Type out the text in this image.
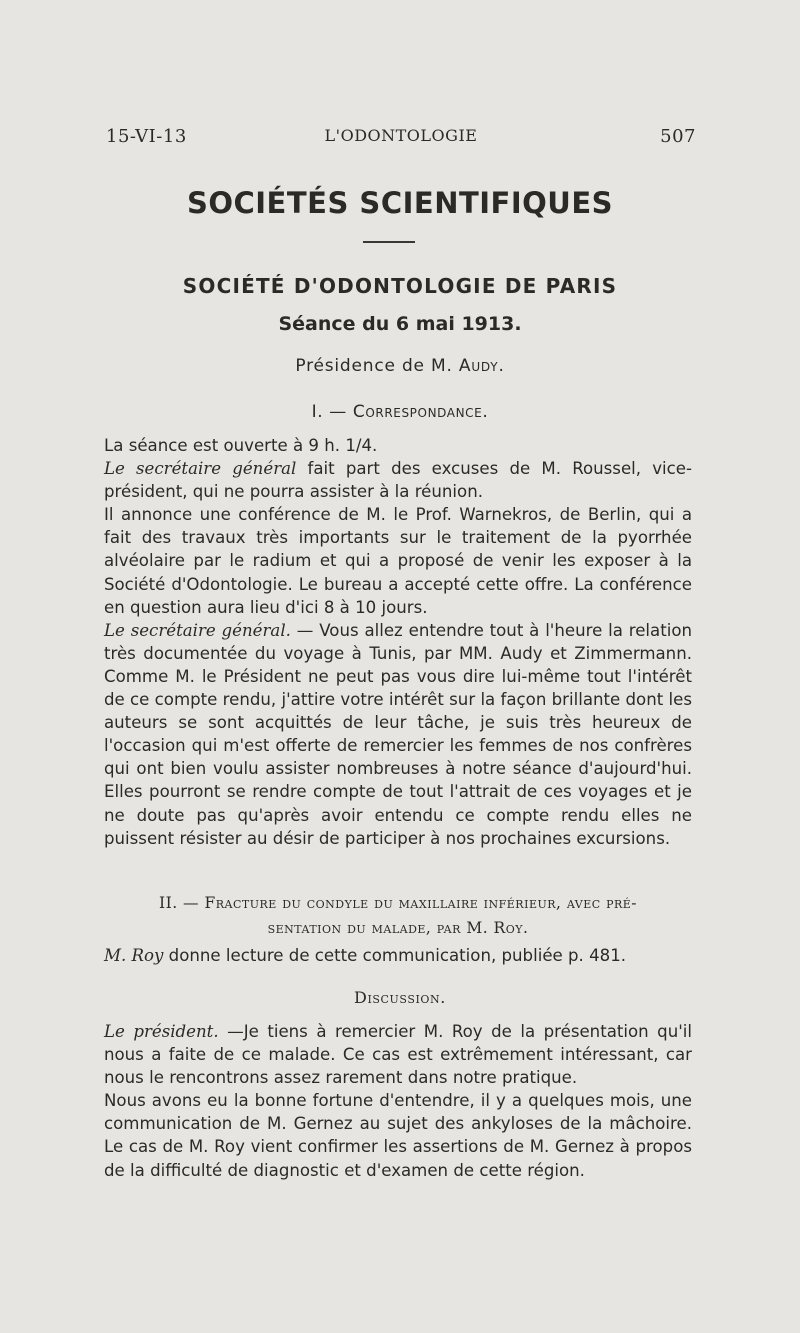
15-VI-13	L'ODONTOLOGIE	507
SOCIÉTÉS SCIENTIFIQUES
SOCIÉTÉ D'ODONTOLOGIE DE PARIS
Séance du 6 mai 1913.
Présidence de M. Audy.
I. — Correspondance.

La séance est ouverte à 9 h. 1/4.

Le secrétaire général fait part des excuses de M. Roussel, vice-président, qui ne pourra assister à la réunion.

Il annonce une conférence de M. le Prof. Warnekros, de Berlin, qui a fait des travaux très importants sur le traitement de la pyorrhée alvéolaire par le radium et qui a proposé de venir les exposer à la Société d'Odontologie. Le bureau a accepté cette offre. La conférence en question aura lieu d'ici 8 à 10 jours.

Le secrétaire général. — Vous allez entendre tout à l'heure la relation très documentée du voyage à Tunis, par MM. Audy et Zimmermann. Comme M. le Président ne peut pas vous dire lui-même tout l'intérêt de ce compte rendu, j'attire votre intérêt sur la façon brillante dont les auteurs se sont acquittés de leur tâche, je suis très heureux de l'occasion qui m'est offerte de remercier les femmes de nos confrères qui ont bien voulu assister nombreuses à notre séance d'aujourd'hui. Elles pourront se rendre compte de tout l'attrait de ces voyages et je ne doute pas qu'après avoir entendu ce compte rendu elles ne puissent résister au désir de participer à nos prochaines excursions.

II. — Fracture du condyle du maxillaire inférieur, avec pré-
sentation du malade, par M. Roy.

M. Roy donne lecture de cette communication, publiée p. 481.

Discussion.

Le président. —Je tiens à remercier M. Roy de la présentation qu'il nous a faite de ce malade. Ce cas est extrêmement intéressant, car nous le rencontrons assez rarement dans notre pratique.

Nous avons eu la bonne fortune d'entendre, il y a quelques mois, une communication de M. Gernez au sujet des ankyloses de la mâchoire. Le cas de M. Roy vient confirmer les assertions de M. Gernez à propos de la difficulté de diagnostic et d'examen de cette région.
